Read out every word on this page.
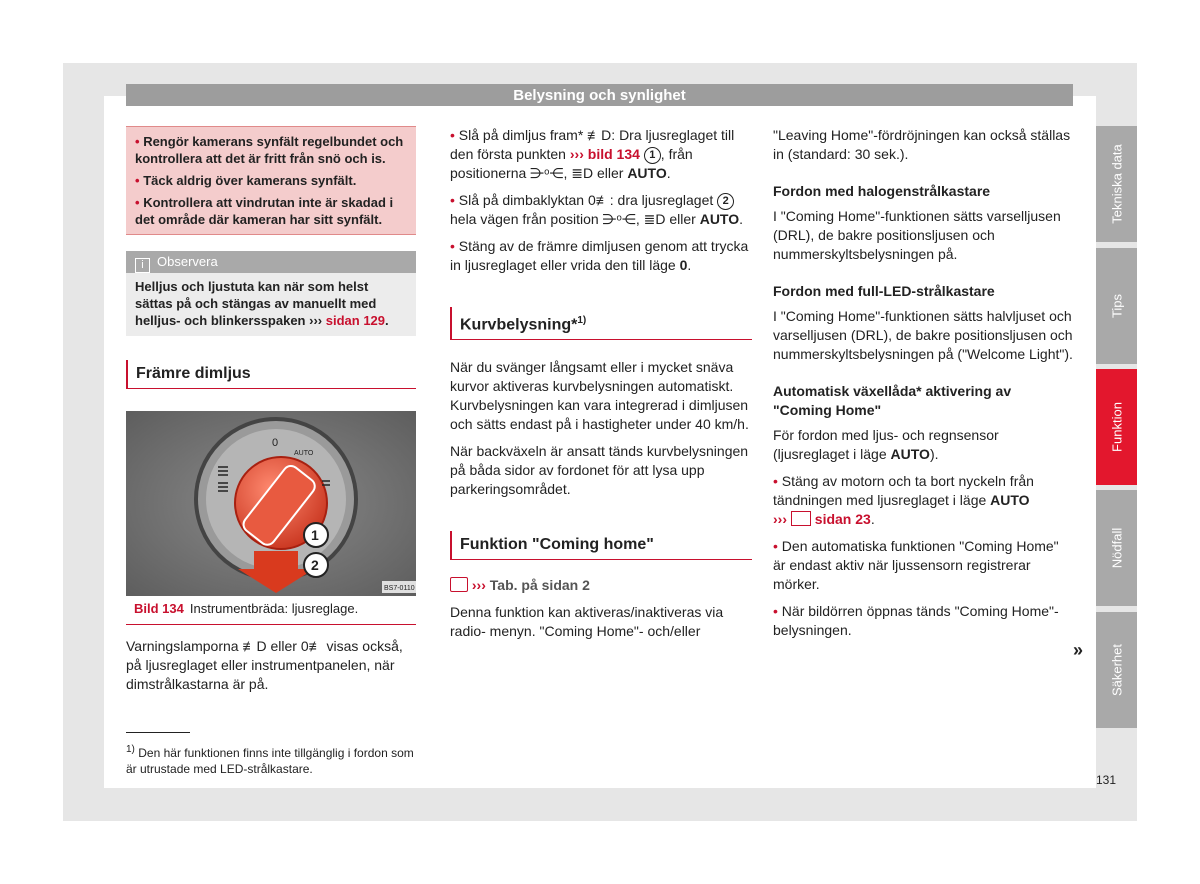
Belysning och synlighet
• Rengör kamerans synfält regelbundet och kontrollera att det är fritt från snö och is.
• Täck aldrig över kamerans synfält.
• Kontrollera att vindrutan inte är skadad i det område där kameran har sitt synfält.
i Observera
Helljus och ljustuta kan när som helst sättas på och stängas av manuellt med helljus- och blinkersspaken ››› sidan 129.
Främre dimljus
0
AUTO
1
2
BS7-0110
Bild 134 Instrumentbräda: ljusreglage.

Varningslamporna ≢D eller 0≢ visas också, på ljusreglaget eller instrumentpanelen, när dimstrålkastarna är på.

$^{1)}$ Den här funktionen finns inte tillgänglig i fordon som är utrustade med LED-strålkastare.

• Slå på dimljus fram* ≢D: Dra ljusreglaget till den första punkten ››› bild 134 1 , från positionerna ⋺ᵒ⋲, ≣D eller AUTO.

• Slå på dimbaklyktan 0≢: dra ljusreglaget 2 hela vägen från position ⋺ᵒ⋲, ≣D eller AUTO.

• Stäng av de främre dimljusen genom att trycka in ljusreglaget eller vrida den till läge 0.

Kurvbelysning*$^{1)}$

När du svänger långsamt eller i mycket snäva kurvor aktiveras kurvbelysningen automatiskt. Kurvbelysningen kan vara integrerad i dimljusen och sätts endast på i hastigheter under 40 km/h.

När backväxeln är ansatt tänds kurvbelysningen på båda sidor av fordonet för att lysa upp parkeringsområdet.

Funktion "Coming home"

››› Tab. på sidan 2

Denna funktion kan aktiveras/inaktiveras via radio- menyn. "Coming Home"- och/eller

"Leaving Home"-fördröjningen kan också ställas in (standard: 30 sek.).

Fordon med halogenstrålkastare

I "Coming Home"-funktionen sätts varselljusen (DRL), de bakre positionsljusen och nummerskyltsbelysningen på.

Fordon med full-LED-strålkastare

I "Coming Home"-funktionen sätts halvljuset och varselljusen (DRL), de bakre positionsljusen och nummerskyltsbelysningen på ("Welcome Light").

Automatisk växellåda* aktivering av "Coming Home"

För fordon med ljus- och regnsensor (ljusreglaget i läge AUTO).

• Stäng av motorn och ta bort nyckeln från tändningen med ljusreglaget i läge AUTO
››› sidan 23.

• Den automatiska funktionen "Coming Home" är endast aktiv när ljussensorn registrerar mörker.

• När bildörren öppnas tänds "Coming Home"-belysningen.

»
Tekniska data
Tips
Funktion
Nödfall
Säkerhet
131
